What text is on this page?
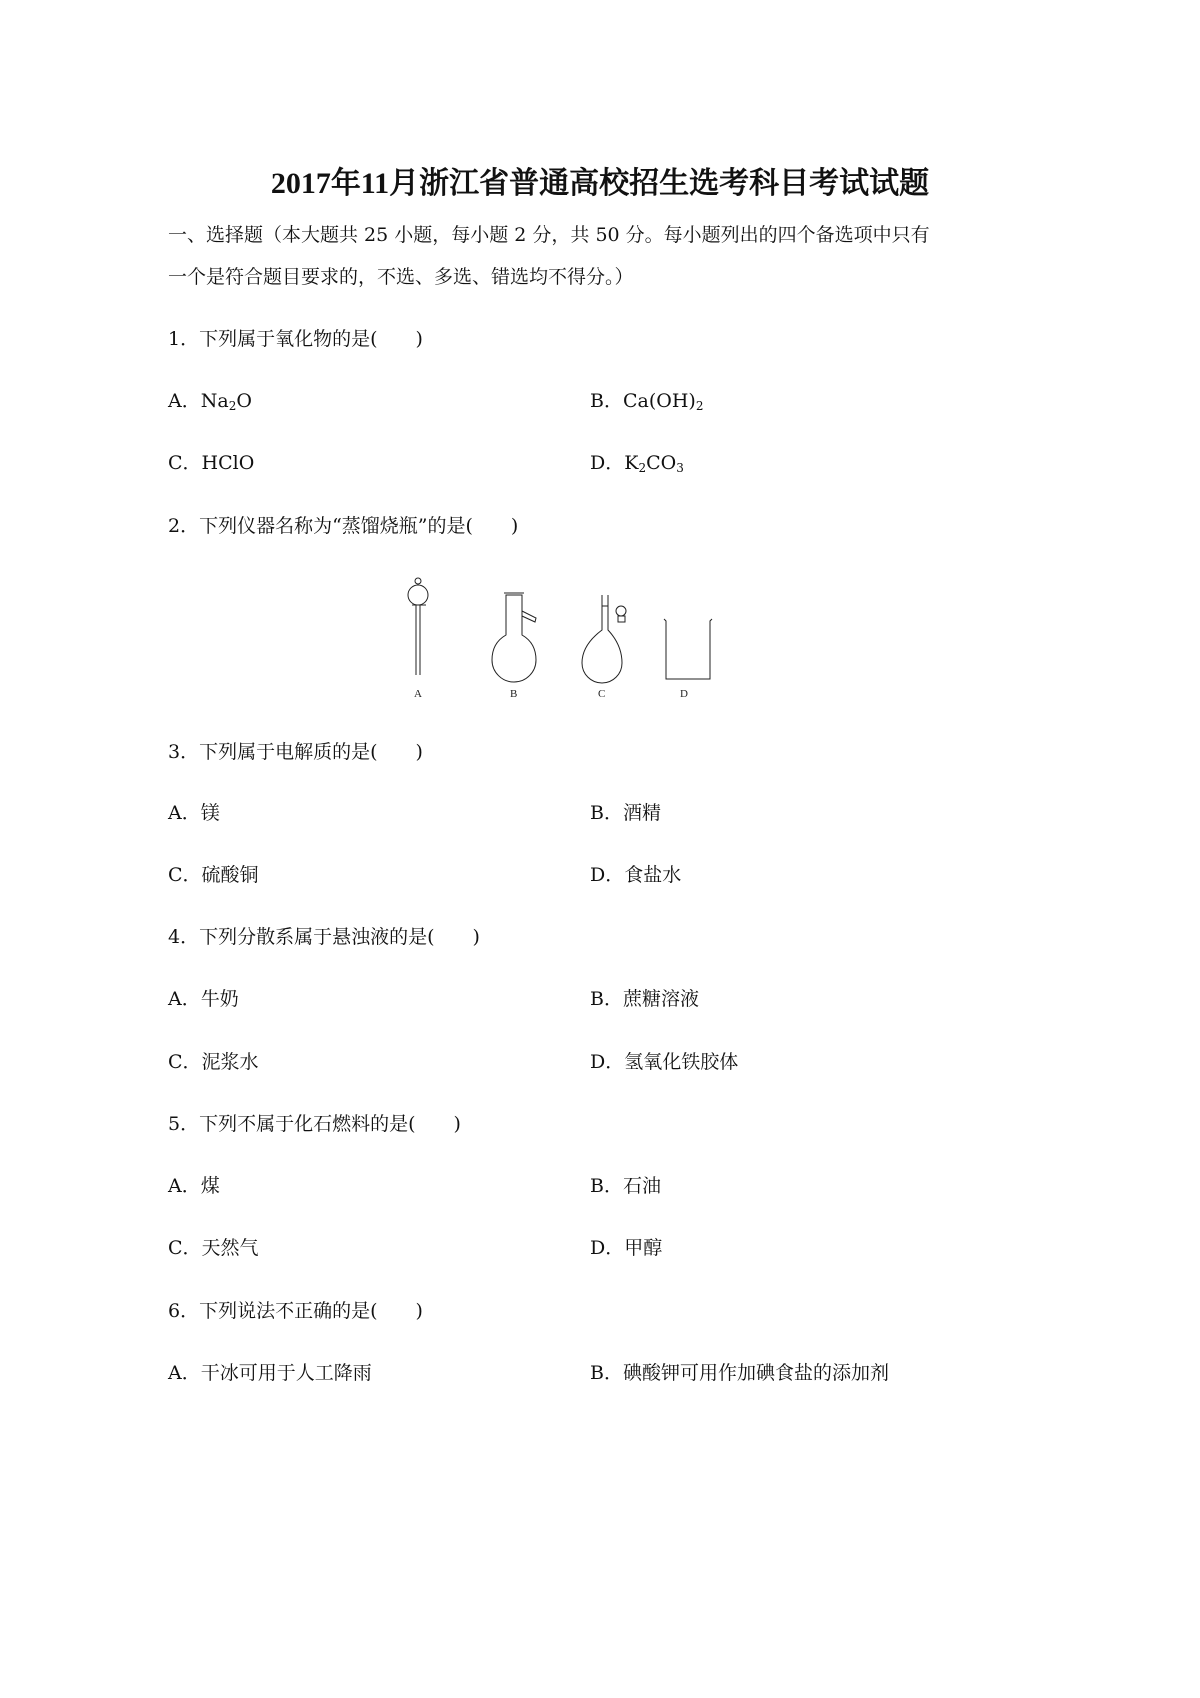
2017年11月浙江省普通高校招生选考科目考试试题
一、选择题（本大题共 25 小题，每小题 2 分，共 50 分。每小题列出的四个备选项中只有
一个是符合题目要求的，不选、多选、错选均不得分。）
1．下列属于氧化物的是(　　)
A．$Na_2O$	B．$Ca(OH)_2$
C．HClO	D．$K_2CO_3$
2．下列仪器名称为“蒸馏烧瓶”的是(　　)
A	B	C	D
3．下列属于电解质的是(　　)
A．镁	B．酒精
C．硫酸铜	D．食盐水
4．下列分散系属于悬浊液的是(　　)
A．牛奶	B．蔗糖溶液
C．泥浆水	D．氢氧化铁胶体
5．下列不属于化石燃料的是(　　)
A．煤	B．石油
C．天然气	D．甲醇
6．下列说法不正确的是(　　)
A．干冰可用于人工降雨	B．碘酸钾可用作加碘食盐的添加剂
